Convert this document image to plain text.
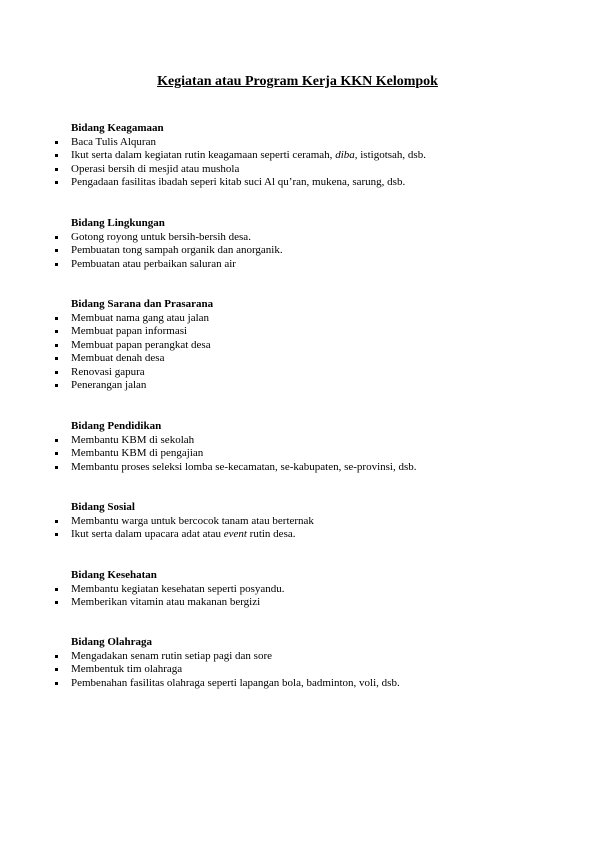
Kegiatan atau Program Kerja KKN Kelompok
Bidang Keagamaan
Baca Tulis Alquran
Ikut serta dalam kegiatan rutin keagamaan seperti ceramah, diba, istigotsah, dsb.
Operasi bersih di mesjid atau mushola
Pengadaan fasilitas ibadah seperi kitab suci Al qu’ran, mukena, sarung, dsb.
Bidang Lingkungan
Gotong royong untuk bersih-bersih desa.
Pembuatan tong sampah organik dan anorganik.
Pembuatan atau perbaikan saluran air
Bidang Sarana dan Prasarana
Membuat nama gang atau jalan
Membuat papan informasi
Membuat papan perangkat desa
Membuat denah desa
Renovasi gapura
Penerangan jalan
Bidang Pendidikan
Membantu KBM di sekolah
Membantu KBM di pengajian
Membantu proses seleksi lomba se-kecamatan, se-kabupaten, se-provinsi, dsb.
Bidang Sosial
Membantu warga untuk bercocok tanam atau berternak
Ikut serta dalam upacara adat atau event rutin desa.
Bidang Kesehatan
Membantu kegiatan kesehatan seperti posyandu.
Memberikan vitamin atau makanan bergizi
Bidang Olahraga
Mengadakan senam rutin setiap pagi dan sore
Membentuk tim olahraga
Pembenahan fasilitas olahraga seperti lapangan bola, badminton, voli, dsb.
